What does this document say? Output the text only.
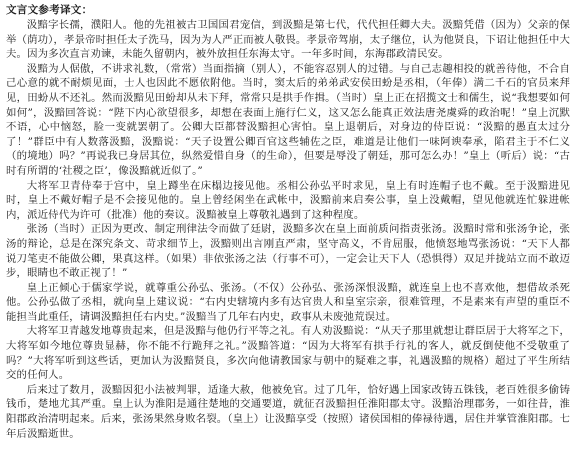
文言文参考译文：

汲黯字长孺，濮阳人。他的先祖被古卫国国君宠信，到汲黯是第七代，代代担任卿大夫。汲黯凭借（因为）父亲的保举（荫功），孝景帝时担任太子洗马，因为为人严正而被人敬畏。孝景帝驾崩，太子继位，认为他贤良，下诏让他担任中大夫。因为多次直言劝谏，未能久留朝内，被外放担任东海太守。一年多时间，东海郡政清民安。

汲黯为人倨傲，不讲求礼数，（常常）当面指摘（别人），不能容忍别人的过错。与自己志趣相投的就善待他，不合自己心意的就不耐烦见面，士人也因此不愿依附他。当时，窦太后的弟弟武安侯田蚡是丞相，（年俸）满二千石的官员来拜见，田蚡从不还礼。然而汲黯见田蚡却从未下拜，常常只是拱手作揖。（当时）皇上正在招揽文士和儒生，说“我想要如何如何”，汲黯回答说：“陛下内心欲望很多，却想在表面上施行仁义，这又怎么能真正效法唐尧虞舜的政治呢！”皇上沉默不语，心中恼怒，脸一变就罢朝了。公卿大臣都替汲黯担心害怕。皇上退朝后，对身边的侍臣说：“汲黯的愚直太过分了！”群臣中有人数落汲黯，汲黯说：“天子设置公卿百官这些辅佐之臣，难道是让他们一味阿谀奉承，陷君主于不仁义（的境地）吗？”再说我已身居其位，纵然爱惜自身（的生命），但要是辱没了朝廷，那可怎么办！”皇上（听后）说：“古时有所谓的‘社稷之臣’，像汲黯就近似了。”

大将军卫青侍奉于宫中，皇上蹲坐在床榻边接见他。丞相公孙弘平时求见，皇上有时连帽子也不戴。至于汲黯进见时，皇上不戴好帽子是不会接见他的。皇上曾经闲坐在武帐中，汲黯前来启奏公事，皇上没戴帽，望见他就连忙躲进帐内，派近侍代为许可（批准）他的奏议。汲黯被皇上尊敬礼遇到了这种程度。

张汤（当时）正因为更改、制定刑律法令而做了廷尉，汲黯多次在皇上面前质问指责张汤。汲黯时常和张汤争论，张汤的辩论，总是在深究条文、苛求细节上，汲黯则出言刚直严肃，坚守高义，不肯屈服，他愤怒地骂张汤说：“天下人都说刀笔吏不能做公卿，果真这样。（如果）非依张汤之法（行事不可），一定会让天下人（恐惧得）双足并拢站立而不敢迈步，眼睛也不敢正视了！”

皇上正倾心于儒家学说，就尊重公孙弘、张汤。（不仅）公孙弘、张汤深恨汲黯，就连皇上也不喜欢他，想借故杀死他。公孙弘做了丞相，就向皇上建议说：“右内史辖境内多有达官贵人和皇室宗亲，很难管理，不是素来有声望的重臣不能担当此重任，请调汲黯担任右内史。”汲黯当了几年右内史，政事从未废弛荒误过。

大将军卫青越发地尊贵起来，但是汲黯与他仍行平等之礼。有人劝汲黯说：“从天子那里就想让群臣居于大将军之下，大将军如今地位尊贵显赫，你不能不行跪拜之礼。”汲黯答道：“因为大将军有拱手行礼的客人，就反倒使他不受敬重了吗？”大将军听到这些话，更加认为汲黯贤良，多次向他请教国家与朝中的疑难之事，礼遇汲黯的规格）超过了平生所结交的任何人。

后来过了数月，汲黯因犯小法被判罪，适逢大赦，他被免官。过了几年，恰好遇上国家改铸五铢钱，老百姓很多偷铸钱币，楚地尤其严重。皇上认为淮阳是通往楚地的交通要道，就征召汲黯担任淮阳郡太守。汲黯治理郡务，一如往昔，淮阳郡政治清明起来。后来，张汤果然身败名裂。（皇上）让汲黯享受（按照）诸侯国相的俸禄待遇，居住并掌管淮阳郡。七年后汲黯逝世。
